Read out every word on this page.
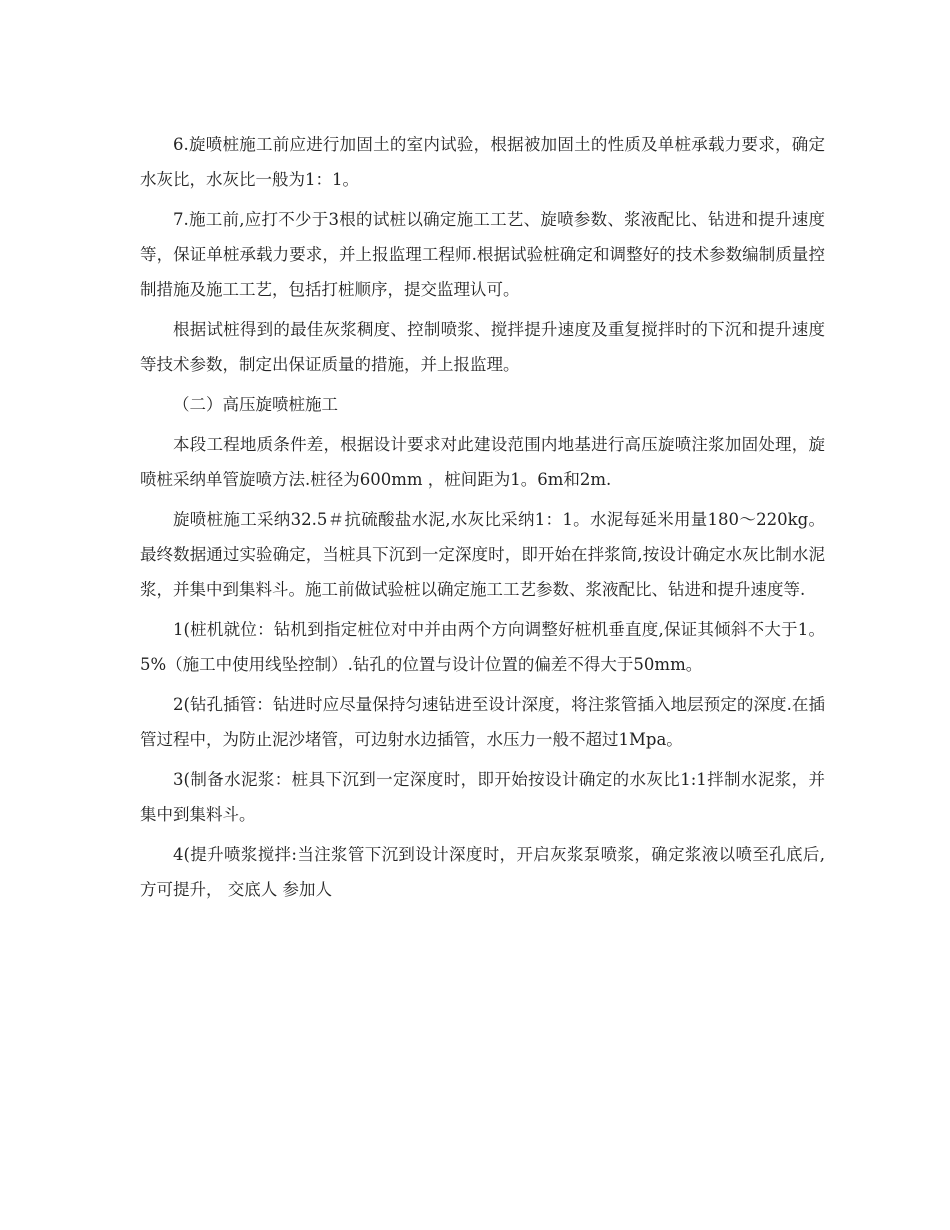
6.旋喷桩施工前应进行加固土的室内试验，根据被加固土的性质及单桩承载力要求，确定水灰比，水灰比一般为1：1。

7.施工前,应打不少于3根的试桩以确定施工工艺、旋喷参数、浆液配比、钻进和提升速度等，保证单桩承载力要求，并上报监理工程师.根据试验桩确定和调整好的技术参数编制质量控制措施及施工工艺，包括打桩顺序，提交监理认可。

根据试桩得到的最佳灰浆稠度、控制喷浆、搅拌提升速度及重复搅拌时的下沉和提升速度等技术参数，制定出保证质量的措施，并上报监理。

（二）高压旋喷桩施工

本段工程地质条件差，根据设计要求对此建设范围内地基进行高压旋喷注浆加固处理，旋喷桩采纳单管旋喷方法.桩径为600mm ，桩间距为1。6m和2m.

旋喷桩施工采纳32.5＃抗硫酸盐水泥,水灰比采纳1：1。水泥每延米用量180～220kg。最终数据通过实验确定，当桩具下沉到一定深度时，即开始在拌浆筒,按设计确定水灰比制水泥浆，并集中到集料斗。施工前做试验桩以确定施工工艺参数、浆液配比、钻进和提升速度等.

1(桩机就位：钻机到指定桩位对中并由两个方向调整好桩机垂直度,保证其倾斜不大于1。5%（施工中使用线坠控制）.钻孔的位置与设计位置的偏差不得大于50mm。

2(钻孔插管：钻进时应尽量保持匀速钻进至设计深度，将注浆管插入地层预定的深度.在插管过程中，为防止泥沙堵管，可边射水边插管，水压力一般不超过1Mpa。

3(制备水泥浆：桩具下沉到一定深度时，即开始按设计确定的水灰比1:1拌制水泥浆，并集中到集料斗。

4(提升喷浆搅拌:当注浆管下沉到设计深度时，开启灰浆泵喷浆，确定浆液以喷至孔底后,方可提升， 交底人 参加人
